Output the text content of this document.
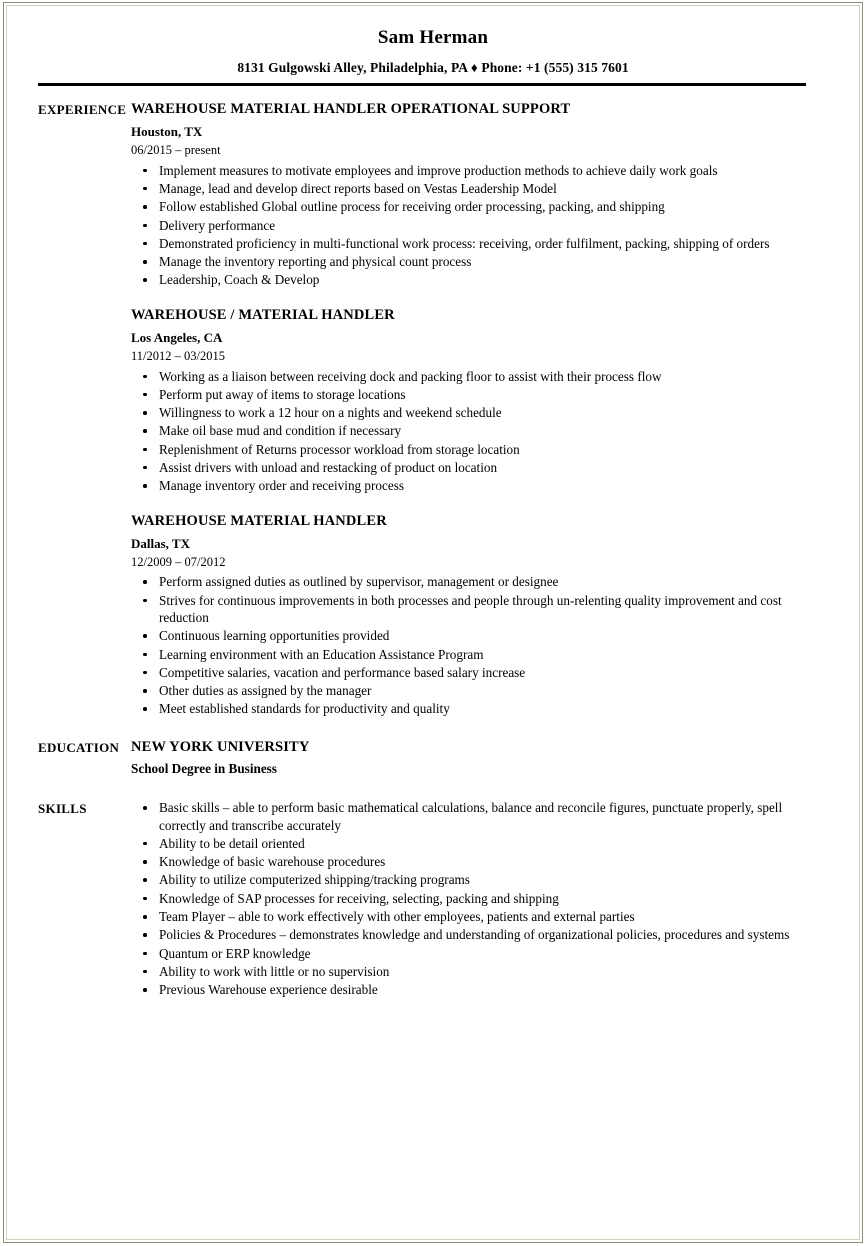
Sam Herman
8131 Gulgowski Alley, Philadelphia, PA ♦ Phone: +1 (555) 315 7601
EXPERIENCE WAREHOUSE MATERIAL HANDLER OPERATIONAL SUPPORT
Houston, TX
06/2015 – present
Implement measures to motivate employees and improve production methods to achieve daily work goals
Manage, lead and develop direct reports based on Vestas Leadership Model
Follow established Global outline process for receiving order processing, packing, and shipping
Delivery performance
Demonstrated proficiency in multi-functional work process: receiving, order fulfilment, packing, shipping of orders
Manage the inventory reporting and physical count process
Leadership, Coach & Develop
WAREHOUSE / MATERIAL HANDLER
Los Angeles, CA
11/2012 – 03/2015
Working as a liaison between receiving dock and packing floor to assist with their process flow
Perform put away of items to storage locations
Willingness to work a 12 hour on a nights and weekend schedule
Make oil base mud and condition if necessary
Replenishment of Returns processor workload from storage location
Assist drivers with unload and restacking of product on location
Manage inventory order and receiving process
WAREHOUSE MATERIAL HANDLER
Dallas, TX
12/2009 – 07/2012
Perform assigned duties as outlined by supervisor, management or designee
Strives for continuous improvements in both processes and people through un-relenting quality improvement and cost reduction
Continuous learning opportunities provided
Learning environment with an Education Assistance Program
Competitive salaries, vacation and performance based salary increase
Other duties as assigned by the manager
Meet established standards for productivity and quality
EDUCATION NEW YORK UNIVERSITY
School Degree in Business
SKILLS	Basic skills – able to perform basic mathematical calculations, balance and reconcile figures, punctuate properly, spell correctly and transcribe accurately
Ability to be detail oriented
Knowledge of basic warehouse procedures
Ability to utilize computerized shipping/tracking programs
Knowledge of SAP processes for receiving, selecting, packing and shipping
Team Player – able to work effectively with other employees, patients and external parties
Policies & Procedures – demonstrates knowledge and understanding of organizational policies, procedures and systems
Quantum or ERP knowledge
Ability to work with little or no supervision
Previous Warehouse experience desirable
